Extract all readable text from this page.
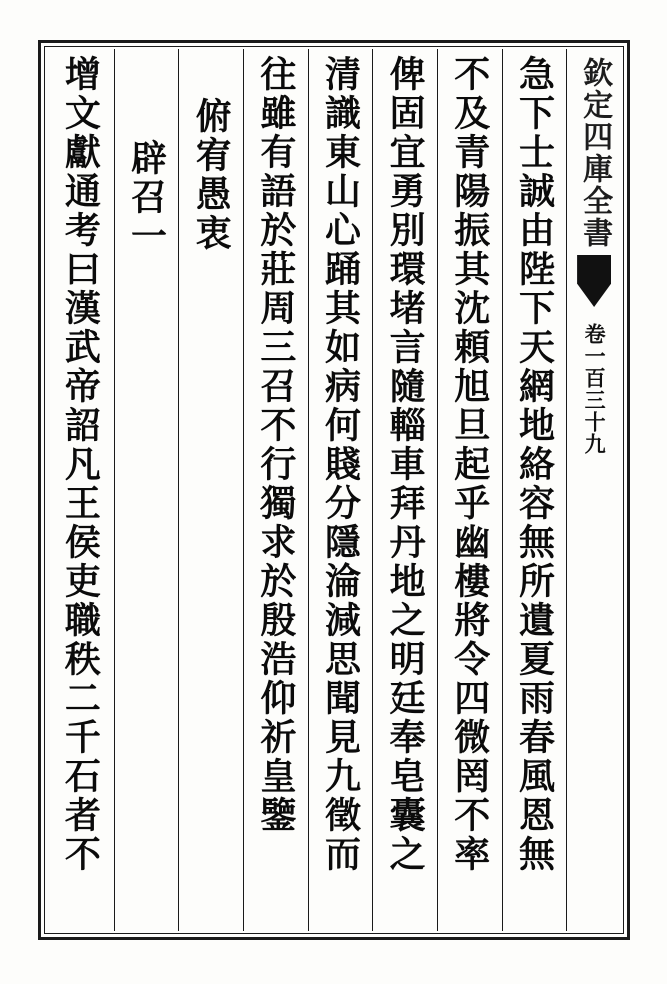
欽定四庫全書
卷一百三十九
急下士誠由陛下天網地絡容無所遺夏雨春風恩無
不及青陽振其沈頼旭旦起乎幽樓將令四微罔不率
俾固宜勇別環堵言隨輜車拜丹地之明廷奉皂囊之
清識東山心踊其如病何賤分隱淪減思聞見九徵而
往雖有語於莊周三召不行獨求於殷浩仰祈皇鑒
俯宥愚衷
辟召一
增文獻通考曰漢武帝詔凡王侯吏職秩二千石者不
